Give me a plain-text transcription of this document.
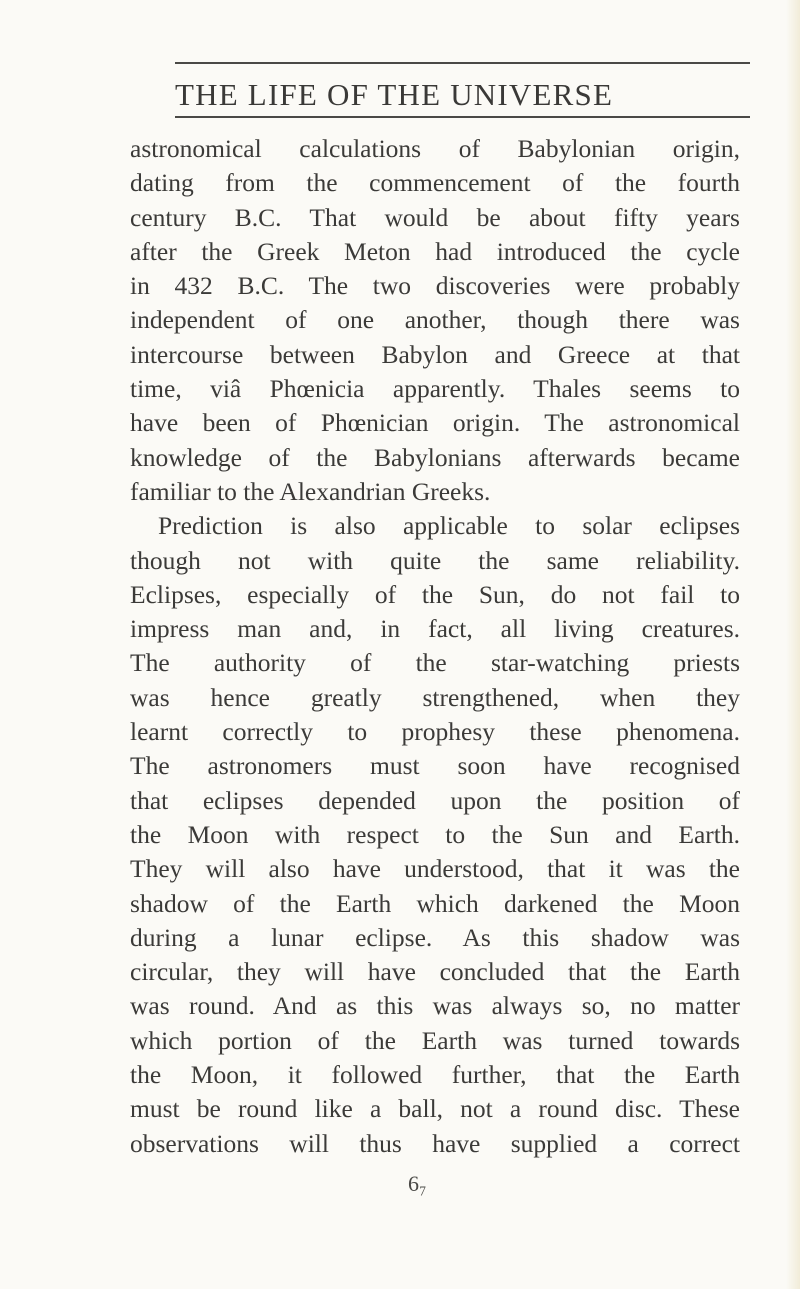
THE LIFE OF THE UNIVERSE
astronomical calculations of Babylonian origin,
dating from the commencement of the fourth
century B.C. That would be about fifty years
after the Greek Meton had introduced the cycle
in 432 B.C. The two discoveries were probably
independent of one another, though there was
intercourse between Babylon and Greece at that
time, viâ Phœnicia apparently. Thales seems to
have been of Phœnician origin. The astronomical
knowledge of the Babylonians afterwards became
familiar to the Alexandrian Greeks.
Prediction is also applicable to solar eclipses
though not with quite the same reliability.
Eclipses, especially of the Sun, do not fail to
impress man and, in fact, all living creatures.
The authority of the star-watching priests
was hence greatly strengthened, when they
learnt correctly to prophesy these phenomena.
The astronomers must soon have recognised
that eclipses depended upon the position of
the Moon with respect to the Sun and Earth.
They will also have understood, that it was the
shadow of the Earth which darkened the Moon
during a lunar eclipse. As this shadow was
circular, they will have concluded that the Earth
was round. And as this was always so, no matter
which portion of the Earth was turned towards
the Moon, it followed further, that the Earth
must be round like a ball, not a round disc. These
observations will thus have supplied a correct
6₇
